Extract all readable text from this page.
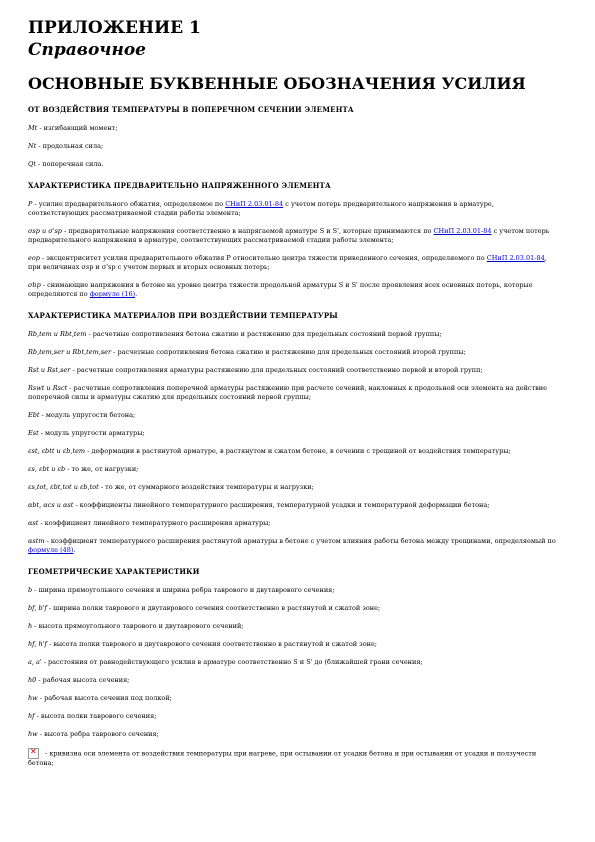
ПРИЛОЖЕНИЕ 1
Справочное
ОСНОВНЫЕ БУКВЕННЫЕ ОБОЗНАЧЕНИЯ УСИЛИЯ
ОТ ВОЗДЕЙСТВИЯ ТЕМПЕРАТУРЫ В ПОПЕРЕЧНОМ СЕЧЕНИИ ЭЛЕМЕНТА
Mt - изгибающий момент;
Nt - продольная сила;
Qt - поперечная сила.
ХАРАКТЕРИСТИКА ПРЕДВАРИТЕЛЬНО НАПРЯЖЕННОГО ЭЛЕМЕНТА
P - усилие предварительного обжатия, определяемое по СНиП 2.03.01-84 с учетом потерь предварительного напряжения в арматуре, соответствующих рассматриваемой стадии работы элемента;
σsp и σ'sp - предварительные напряжения соответственно в напрягаемой арматуре S и S', которые принимаются по СНиП 2.03.01-84 с учетом потерь предварительного напряжения в арматуре, соответствующих рассматриваемой стадии работы элемента;
eop - эксцентриситет усилия предварительного обжатия P относительно центра тяжести приведенного сечения, определяемого по СНиП 2.03.01-84, при величинах σsp и σ'sp с учетом первых и вторых основных потерь;
σbp - снимающие напряжения в бетоне на уровне центра тяжести продольной арматуры S и S' после проявления всех основных потерь, которые определяются по формуле (16).
ХАРАКТЕРИСТИКА МАТЕРИАЛОВ ПРИ ВОЗДЕЙСТВИИ ТЕМПЕРАТУРЫ
Rb,tem и Rbt,tem - расчетные сопротивления бетона сжатию и растяжению для предельных состояний первой группы;
Rb,tem,ser и Rbt,tem,ser - расчетные сопротивления бетона сжатию и растяжению для предельных состояний второй группы;
Rst и Rst,ser - расчетные сопротивления арматуры растяжению для предельных состояний соответственно первой и второй групп;
Rswt и Rsct - расчетные сопротивления поперечной арматуры растяжению при расчете сечений, наклонных к продольной оси элемента на действие поперечной силы и арматуры сжатию для предельных состояний первой группы;
Ebt - модуль упругости бетона;
Est - модуль упругости арматуры;
εst, εbtt и εb,tem - деформации в растянутой арматуре, в растянутом и сжатом бетоне, в сечении с трещиной от воздействия температуры;
εs, εbt и εb - то же, от нагрузки;
εs,tot, εbt,tot и εb,tot - то же, от суммарного воздействия температуры и нагрузки;
αbt, αcs и αst - коэффициенты линейного температурного расширения, температурной усадки и температурной деформации бетона;
αst - коэффициент линейного температурного расширения арматуры;
αstm - коэффициент температурного расширения растянутой арматуры в бетоне с учетом влияния работы бетона между трещинами, определяемый по формуле (48).
ГЕОМЕТРИЧЕСКИЕ ХАРАКТЕРИСТИКИ
b - ширина прямоугольного сечения и ширина ребра таврового и двутаврового сечения;
bf, b'f - ширина полки таврового и двутаврового сечения соответственно в растянутой и сжатой зоне;
h - высота прямоугольного таврового и двутаврового сечений;
hf, h'f - высота полки таврового и двутаврового сечения соответственно в растянутой и сжатой зоне;
a, a' - расстояния от равнодействующего усилия в арматуре соответственно S и S' до (ближайшей грани сечения;
h0 - рабочая высота сечения;
hw - рабочая высота сечения под полкой;
hf - высота полки таврового сечения;
hw - высота ребра таврового сечения;
✕ - кривизна оси элемента от воздействия температуры при нагреве, при остывании от усадки бетона и при остывании от усадки и ползучести бетона;
